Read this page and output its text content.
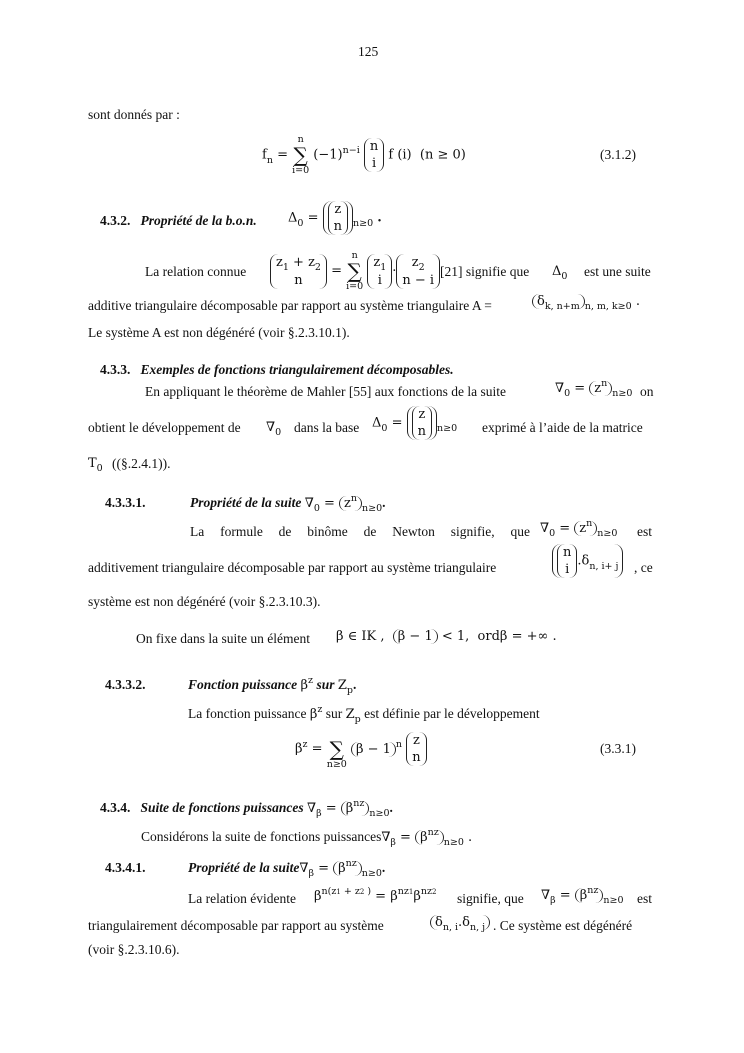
125
sont donnés par :
$f_n$ =
n
∑
i=0
$(-1)^{n-i}$ n
i f (i)  (n ≥ 0)	(3.1.2)
4.3.2. Propriété de la b.o.n. $\Delta_0 = z$
n $_{n\ge 0}$ .
La relation connue
$z_1 + z_2$
n =
n
∑
i=0
$z_1$
$i\cdot z_2$
n − i
[21] signifie que $\Delta_0$ est une suite
additive triangulaire décomposable par rapport au système triangulaire A =	$\delta_{k, n+m}$ $_{n, m, k\ge 0}$ .
Le système A est non dégénéré (voir §.2.3.10.1).
4.3.3. Exemples de fonctions triangulairement décomposables.
En appliquant le théorème de Mahler [55] aux fonctions de la suite	$\nabla_0 = z^n_{n\ge 0}$ on
obtient le développement de $\nabla_0$ dans la base $\Delta_0 = z$
n $_{n\ge 0}$ exprimé à l’aide de la matrice
$T_0$ ((§.2.4.1)).
4.3.3.1.	Propriété de la suite $\nabla_0 = z^n_{n\ge 0}$.
La formule de binôme de Newton signifie, que $\nabla_0 = z^n_{n\ge 0}$ est
additivement triangulaire décomposable par rapport au système triangulaire
n
$i.\delta_{n, i+ j}$	, ce
système est non dégénéré (voir §.2.3.10.3).
On fixe dans la suite un élément β ∈ IK ,  β − 1 < 1,  ordβ = +∞ .
4.3.3.2.	Fonction puissance $\beta^z$ sur $Z_p$.
La fonction puissance $\beta^z$ sur $Z_p$ est définie par le développement
$\beta^z$ =
∑
n≥0
β − 1 $^n$ z
n
(3.3.1)
4.3.4. Suite de fonctions puissances $\nabla_\beta = \beta^{nz}_{n\ge 0}$.
Considérons la suite de fonctions $puissances\nabla_\beta = \beta^{nz}_{n\ge 0}$ .
4.3.4.1.	Propriété de la $suite\nabla_\beta = \beta^{nz}_{n\ge 0}$.
La relation évidente $\beta^{n(z1 + z2 )} = \beta^{nz1}\beta^{nz2}$ signifie, que $\nabla_\beta = \beta^{nz}_{n\ge 0}$ est
triangulairement décomposable par rapport au système	$\delta_{n, i}.\delta_{n, j}$ . Ce système est dégénéré
(voir §.2.3.10.6).
